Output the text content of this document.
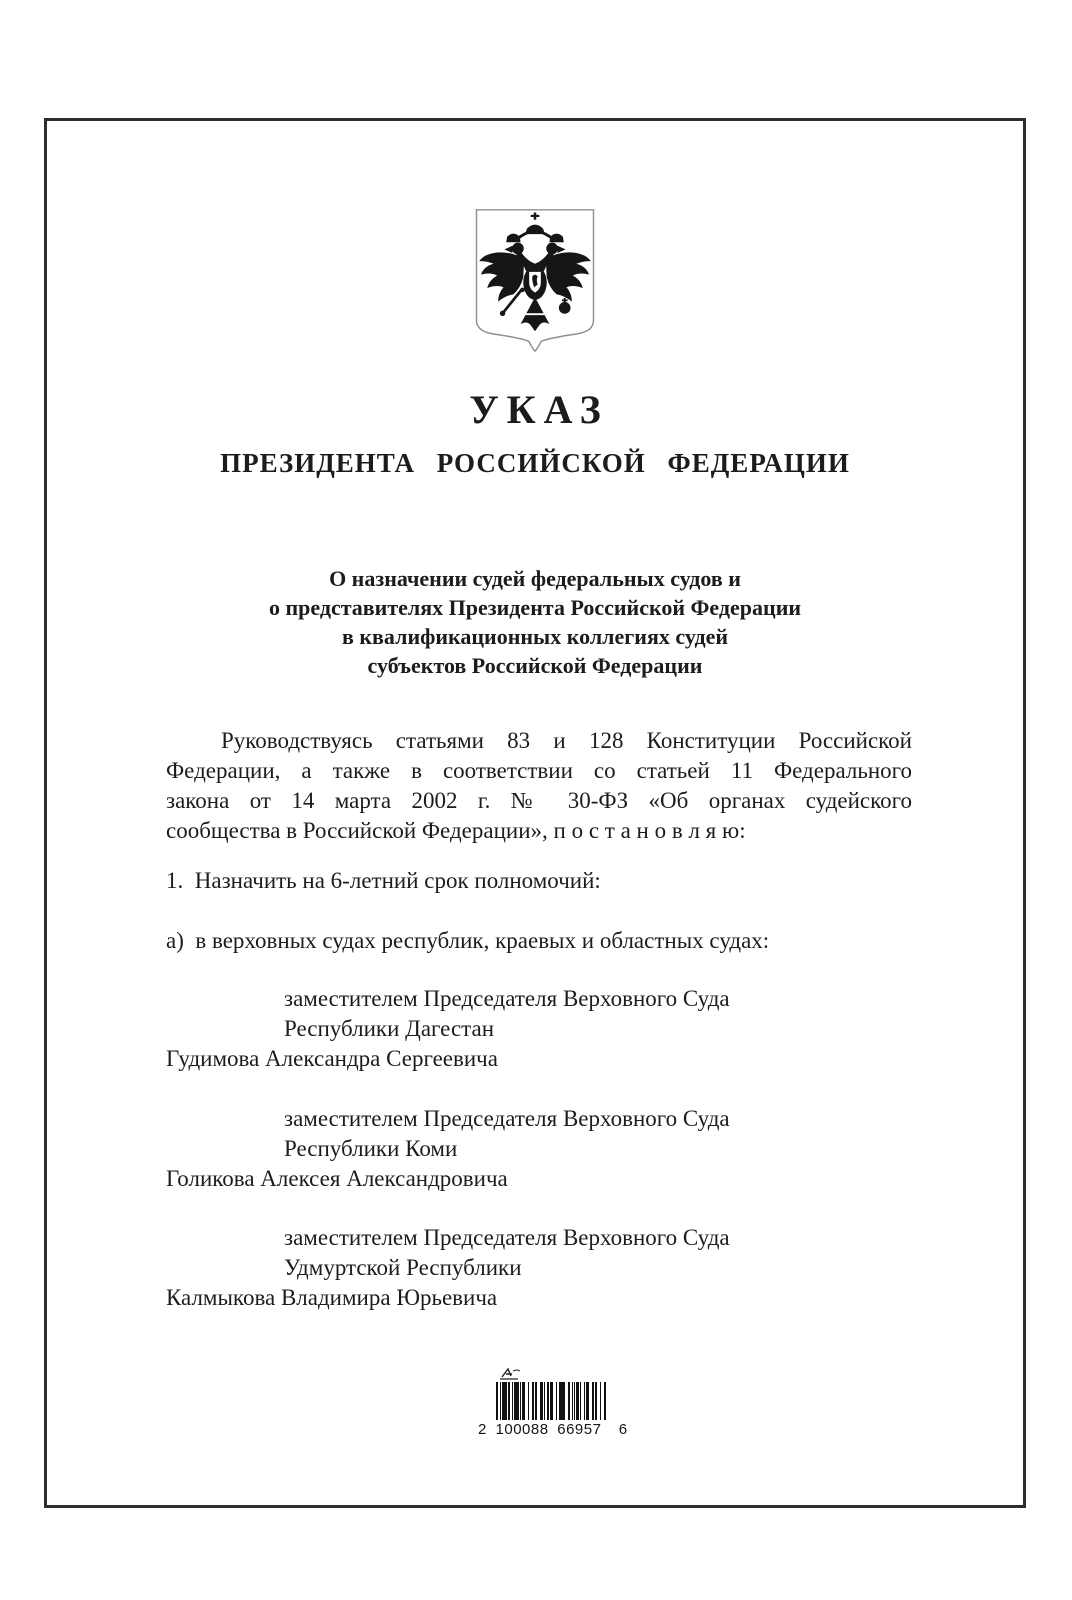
УКАЗ
ПРЕЗИДЕНТА РОССИЙСКОЙ ФЕДЕРАЦИИ
О назначении судей федеральных судов и
о представителях Президента Российской Федерации
в квалификационных коллегиях судей
субъектов Российской Федерации
Руководствуясь статьями 83 и 128 Конституции Российской
Федерации, а также в соответствии со статьей 11 Федерального
закона от 14 марта 2002 г. № 30-ФЗ «Об органах судейского
сообщества в Российской Федерации», п о с т а н о в л я ю:
1.  Назначить на 6-летний срок полномочий:
а)  в верховных судах республик, краевых и областных судах:
заместителем Председателя Верховного Суда
Республики Дагестан
Гудимова Александра Сергеевича
заместителем Председателя Верховного Суда
Республики Коми
Голикова Алексея Александровича
заместителем Председателя Верховного Суда
Удмуртской Республики
Калмыкова Владимира Юрьевича
2 100088 66957  6
